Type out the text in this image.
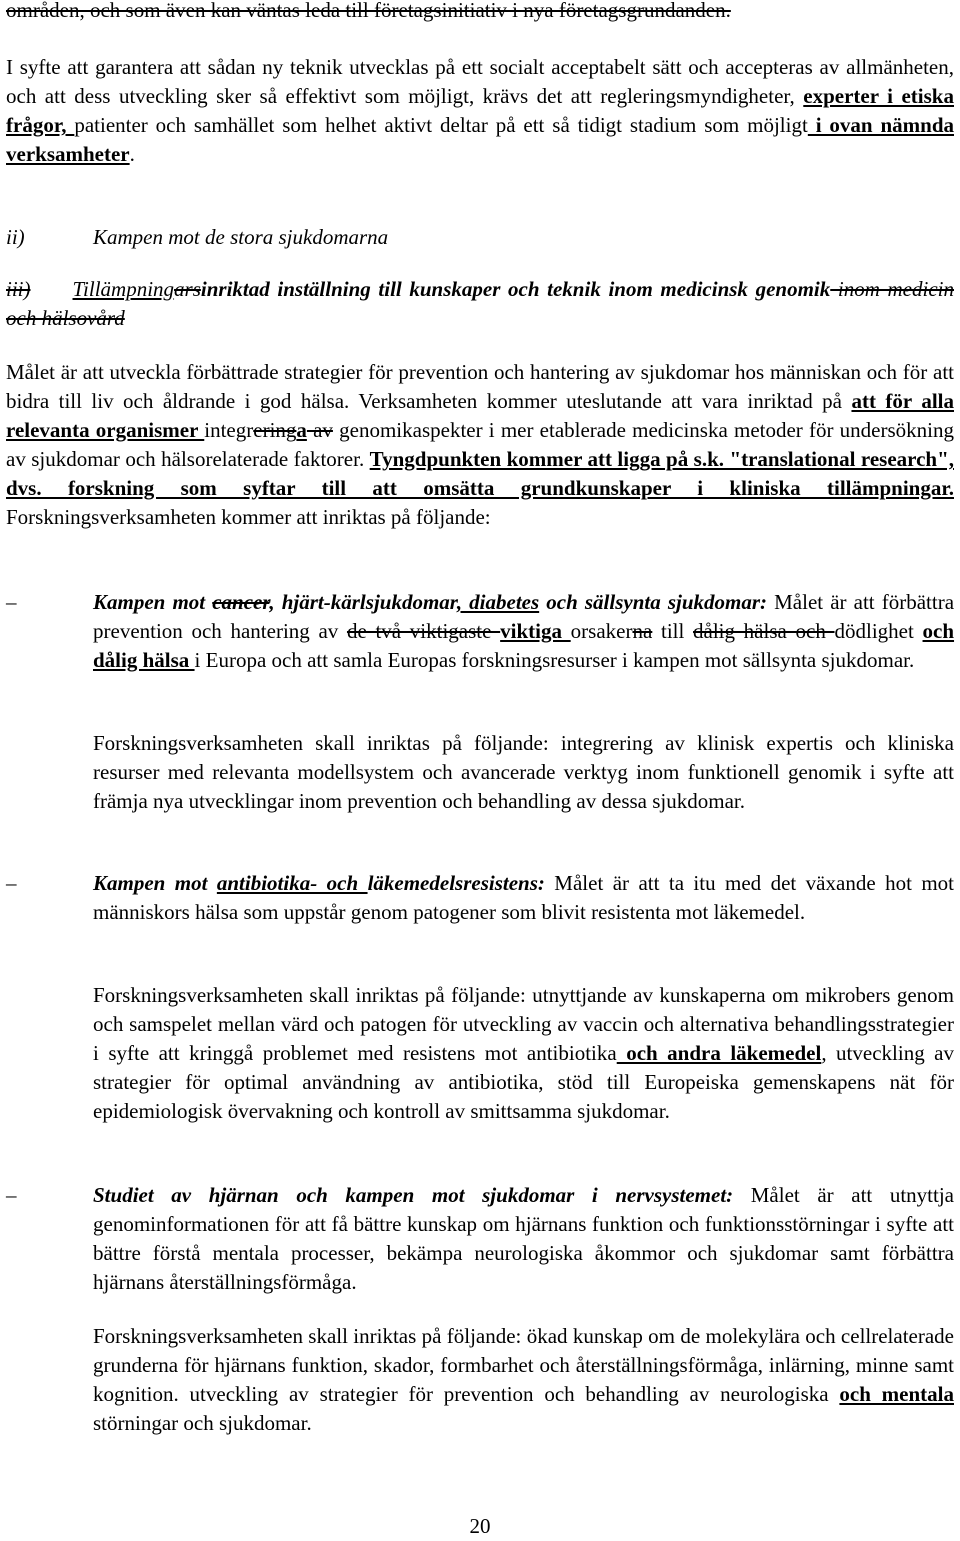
områden, och som även kan väntas leda till företagsinitiativ i nya företagsgrundanden.
I syfte att garantera att sådan ny teknik utvecklas på ett socialt acceptabelt sätt och accepteras av allmänheten, och att dess utveckling sker så effektivt som möjligt, krävs det att regleringsmyndigheter, experter i etiska frågor, patienter och samhället som helhet aktivt deltar på ett så tidigt stadium som möjligt i ovan nämnda verksamheter.
ii)	Kampen mot de stora sjukdomarna
iii) Tillämpningarsinriktad inställning till kunskaper och teknik inom medicinsk genomik inom medicin och hälsovård
Målet är att utveckla förbättrade strategier för prevention och hantering av sjukdomar hos människan och för att bidra till liv och åldrande i god hälsa. Verksamheten kommer uteslutande att vara inriktad på att för alla relevanta organismer integreringa av genomikaspekter i mer etablerade medicinska metoder för undersökning av sjukdomar och hälsorelaterade faktorer. Tyngdpunkten kommer att ligga på s.k. "translational research", dvs. forskning som syftar till att omsätta grundkunskaper i kliniska tillämpningar. Forskningsverksamheten kommer att inriktas på följande:
–	Kampen mot cancer, hjärt-kärlsjukdomar, diabetes och sällsynta sjukdomar: Målet är att förbättra prevention och hantering av de två viktigaste viktiga orsakerna till dålig hälsa och dödlighet och dålig hälsa i Europa och att samla Europas forskningsresurser i kampen mot sällsynta sjukdomar.
Forskningsverksamheten skall inriktas på följande: integrering av klinisk expertis och kliniska resurser med relevanta modellsystem och avancerade verktyg inom funktionell genomik i syfte att främja nya utvecklingar inom prevention och behandling av dessa sjukdomar.
–	Kampen mot antibiotika- och läkemedelsresistens: Målet är att ta itu med det växande hot mot människors hälsa som uppstår genom patogener som blivit resistenta mot läkemedel.
Forskningsverksamheten skall inriktas på följande: utnyttjande av kunskaperna om mikrobers genom och samspelet mellan värd och patogen för utveckling av vaccin och alternativa behandlingsstrategier i syfte att kringgå problemet med resistens mot antibiotika och andra läkemedel, utveckling av strategier för optimal användning av antibiotika, stöd till Europeiska gemenskapens nät för epidemiologisk övervakning och kontroll av smittsamma sjukdomar.
–	Studiet av hjärnan och kampen mot sjukdomar i nervsystemet: Målet är att utnyttja genominformationen för att få bättre kunskap om hjärnans funktion och funktionsstörningar i syfte att bättre förstå mentala processer, bekämpa neurologiska åkommor och sjukdomar samt förbättra hjärnans återställningsförmåga.
Forskningsverksamheten skall inriktas på följande: ökad kunskap om de molekylära och cellrelaterade grunderna för hjärnans funktion, skador, formbarhet och återställningsförmåga, inlärning, minne samt kognition. utveckling av strategier för prevention och behandling av neurologiska och mentala störningar och sjukdomar.
20
